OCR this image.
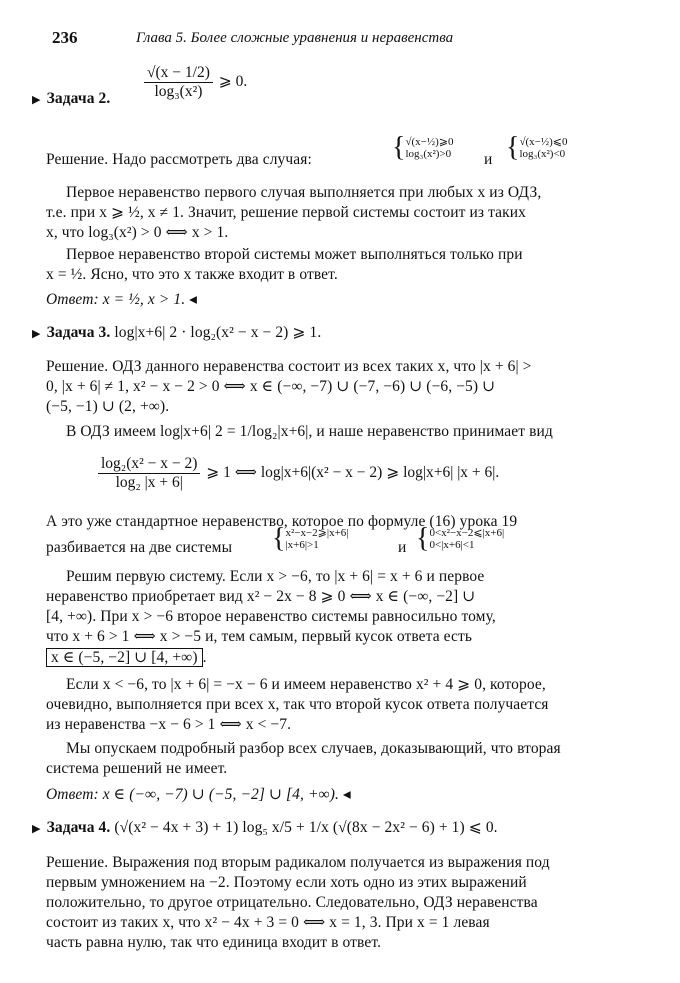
236	Глава 5. Более сложные уравнения и неравенства
▶ Задача 2. $\frac{√(x - 1/2)}{\text{log₃(x²)}}$ ⩾ 0.
Решение. Надо рассмотреть два случая:	{√(x−½)⩾0
log₃(x²)>0 и {√(x−½)⩽0
log₃(x²)<0
Первое неравенство первого случая выполняется при любых x из ОДЗ,
т.е. при x ⩾ ½, x ≠ 1. Значит, решение первой системы состоит из таких
x, что log₃(x²) > 0 ⟺ x > 1.
Первое неравенство второй системы может выполняться только при
x = ½. Ясно, что это x также входит в ответ.
Ответ: x = ½, x > 1. ◂
▶ Задача 3. log|x+6| 2 · log₂(x² − x − 2) ⩾ 1.
Решение. ОДЗ данного неравенства состоит из всех таких x, что |x + 6| >
0, |x + 6| ≠ 1, x² − x − 2 > 0 ⟺ x ∈ (−∞, −7) ∪ (−7, −6) ∪ (−6, −5) ∪
(−5, −1) ∪ (2, +∞).
В ОДЗ имеем log|x+6| 2 = 1/log₂|x+6|, и наше неравенство принимает вид
$\frac{\text{log₂(x² − x − 2)}}{\text{log₂ |x + 6|}}$ ⩾ 1 ⟺ log|x+6|(x² − x − 2) ⩾ log|x+6| |x + 6|.
А это уже стандартное неравенство, которое по формуле (16) урока 19
разбивается на две системы {x²−x−2⩾|x+6|
|x+6|>1	и {0<x²−x−2⩽|x+6|
0<|x+6|<1
Решим первую систему. Если x > −6, то |x + 6| = x + 6 и первое
неравенство приобретает вид x² − 2x − 8 ⩾ 0 ⟺ x ∈ (−∞, −2] ∪
[4, +∞). При x > −6 второе неравенство системы равносильно тому,
что x + 6 > 1 ⟺ x > −5 и, тем самым, первый кусок ответа есть
x ∈ (−5, −2] ∪ [4, +∞) .
Если x < −6, то |x + 6| = −x − 6 и имеем неравенство x² + 4 ⩾ 0, которое,
очевидно, выполняется при всех x, так что второй кусок ответа получается
из неравенства −x − 6 > 1 ⟺ x < −7.
Мы опускаем подробный разбор всех случаев, доказывающий, что вторая
система решений не имеет.
Ответ: x ∈ (−∞, −7) ∪ (−5, −2] ∪ [4, +∞). ◂
▶ Задача 4. (√(x² − 4x + 3) + 1) log₅ x/5 + 1/x (√(8x − 2x² − 6) + 1) ⩽ 0.
Решение. Выражения под вторым радикалом получается из выражения под
первым умножением на −2. Поэтому если хоть одно из этих выражений
положительно, то другое отрицательно. Следовательно, ОДЗ неравенства
состоит из таких x, что x² − 4x + 3 = 0 ⟺ x = 1, 3. При x = 1 левая
часть равна нулю, так что единица входит в ответ.
